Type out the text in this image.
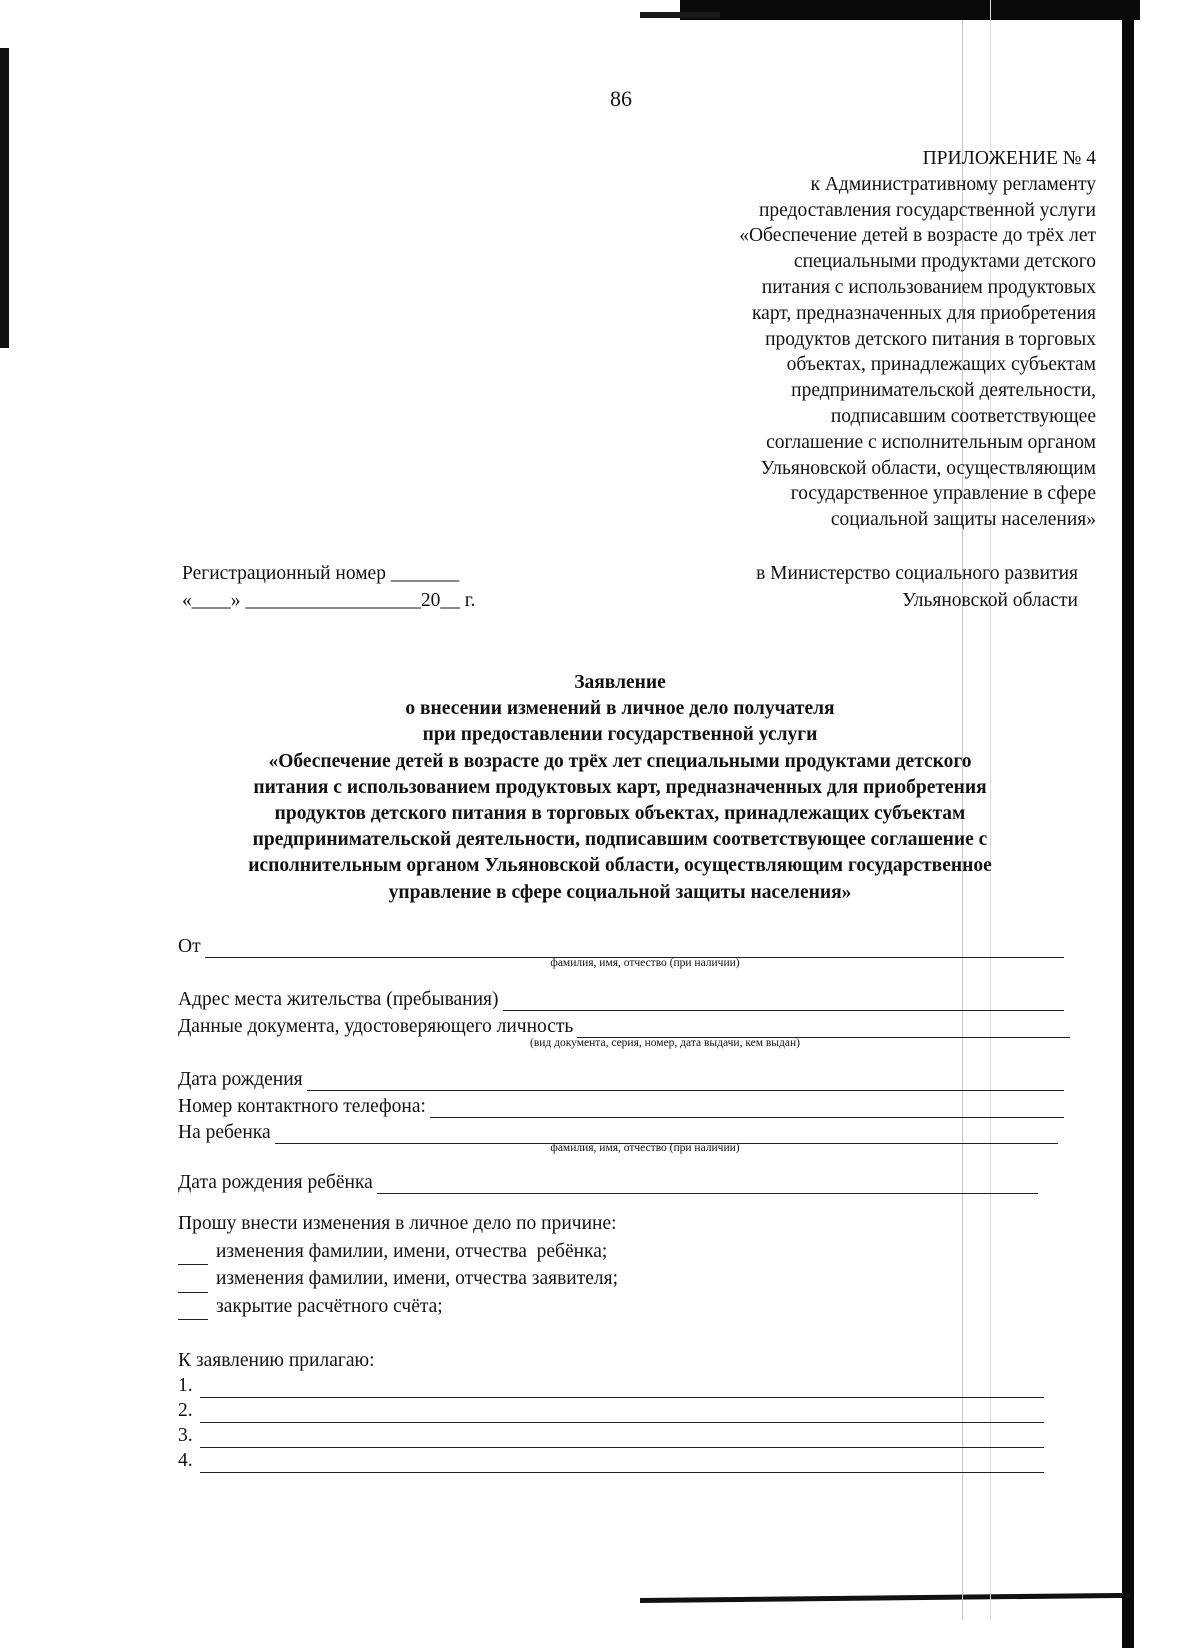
86
ПРИЛОЖЕНИЕ № 4
к Административному регламенту
предоставления государственной услуги
«Обеспечение детей в возрасте до трёх лет
специальными продуктами детского
питания с использованием продуктовых
карт, предназначенных для приобретения
продуктов детского питания в торговых
объектах, принадлежащих субъектам
предпринимательской деятельности,
подписавшим соответствующее
соглашение с исполнительным органом
Ульяновской области, осуществляющим
государственное управление в сфере
социальной защиты населения»
Регистрационный номер _______
«____» __________________20__ г.
в Министерство социального развития
Ульяновской области
Заявление
о внесении изменений в личное дело получателя
при предоставлении государственной услуги
«Обеспечение детей в возрасте до трёх лет специальными продуктами детского
питания с использованием продуктовых карт, предназначенных для приобретения
продуктов детского питания в торговых объектах, принадлежащих субъектам
предпринимательской деятельности, подписавшим соответствующее соглашение с
исполнительным органом Ульяновской области, осуществляющим государственное
управление в сфере социальной защиты населения»
От
фамилия, имя, отчество (при наличии)
Адрес места жительства (пребывания)
Данные документа, удостоверяющего личность
(вид документа, серия, номер, дата выдачи, кем выдан)
Дата рождения
Номер контактного телефона:
На ребенка
фамилия, имя, отчество (при наличии)
Дата рождения ребёнка
Прошу внести изменения в личное дело по причине:
изменения фамилии, имени, отчества  ребёнка;
изменения фамилии, имени, отчества заявителя;
закрытие расчётного счёта;
К заявлению прилагаю:
1.
2.
3.
4.
